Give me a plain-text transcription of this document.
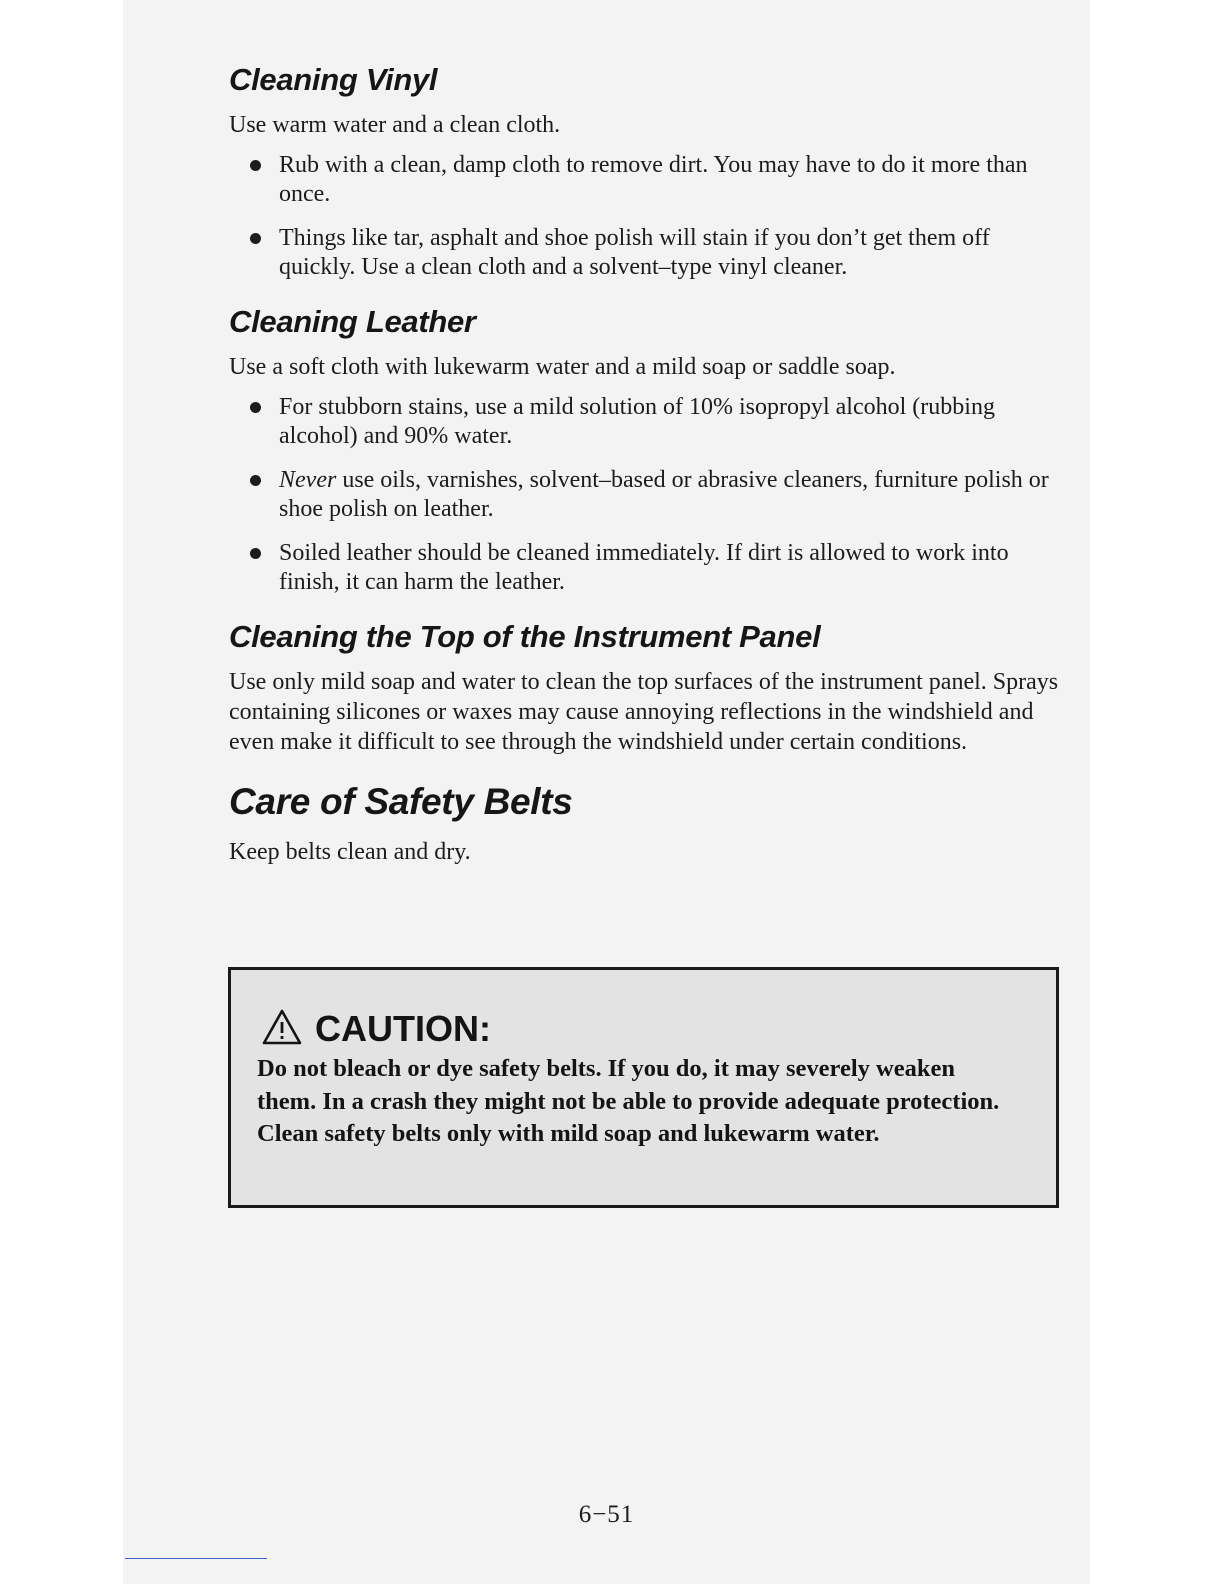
Cleaning Vinyl

Use warm water and a clean cloth.

Rub with a clean, damp cloth to remove dirt. You may have to do it more than once.
Things like tar, asphalt and shoe polish will stain if you don’t get them off quickly. Use a clean cloth and a solvent–type vinyl cleaner.
Cleaning Leather

Use a soft cloth with lukewarm water and a mild soap or saddle soap.

For stubborn stains, use a mild solution of 10% isopropyl alcohol (rubbing alcohol) and 90% water.
Never use oils, varnishes, solvent–based or abrasive cleaners, furniture polish or shoe polish on leather.
Soiled leather should be cleaned immediately. If dirt is allowed to work into finish, it can harm the leather.
Cleaning the Top of the Instrument Panel

Use only mild soap and water to clean the top surfaces of the instrument panel. Sprays containing silicones or waxes may cause annoying reflections in the windshield and even make it difficult to see through the windshield under certain conditions.

Care of Safety Belts

Keep belts clean and dry.

CAUTION:
Do not bleach or dye safety belts. If you do, it may severely weaken them. In a crash they might not be able to provide adequate protection. Clean safety belts only with mild soap and lukewarm water.
6−51
